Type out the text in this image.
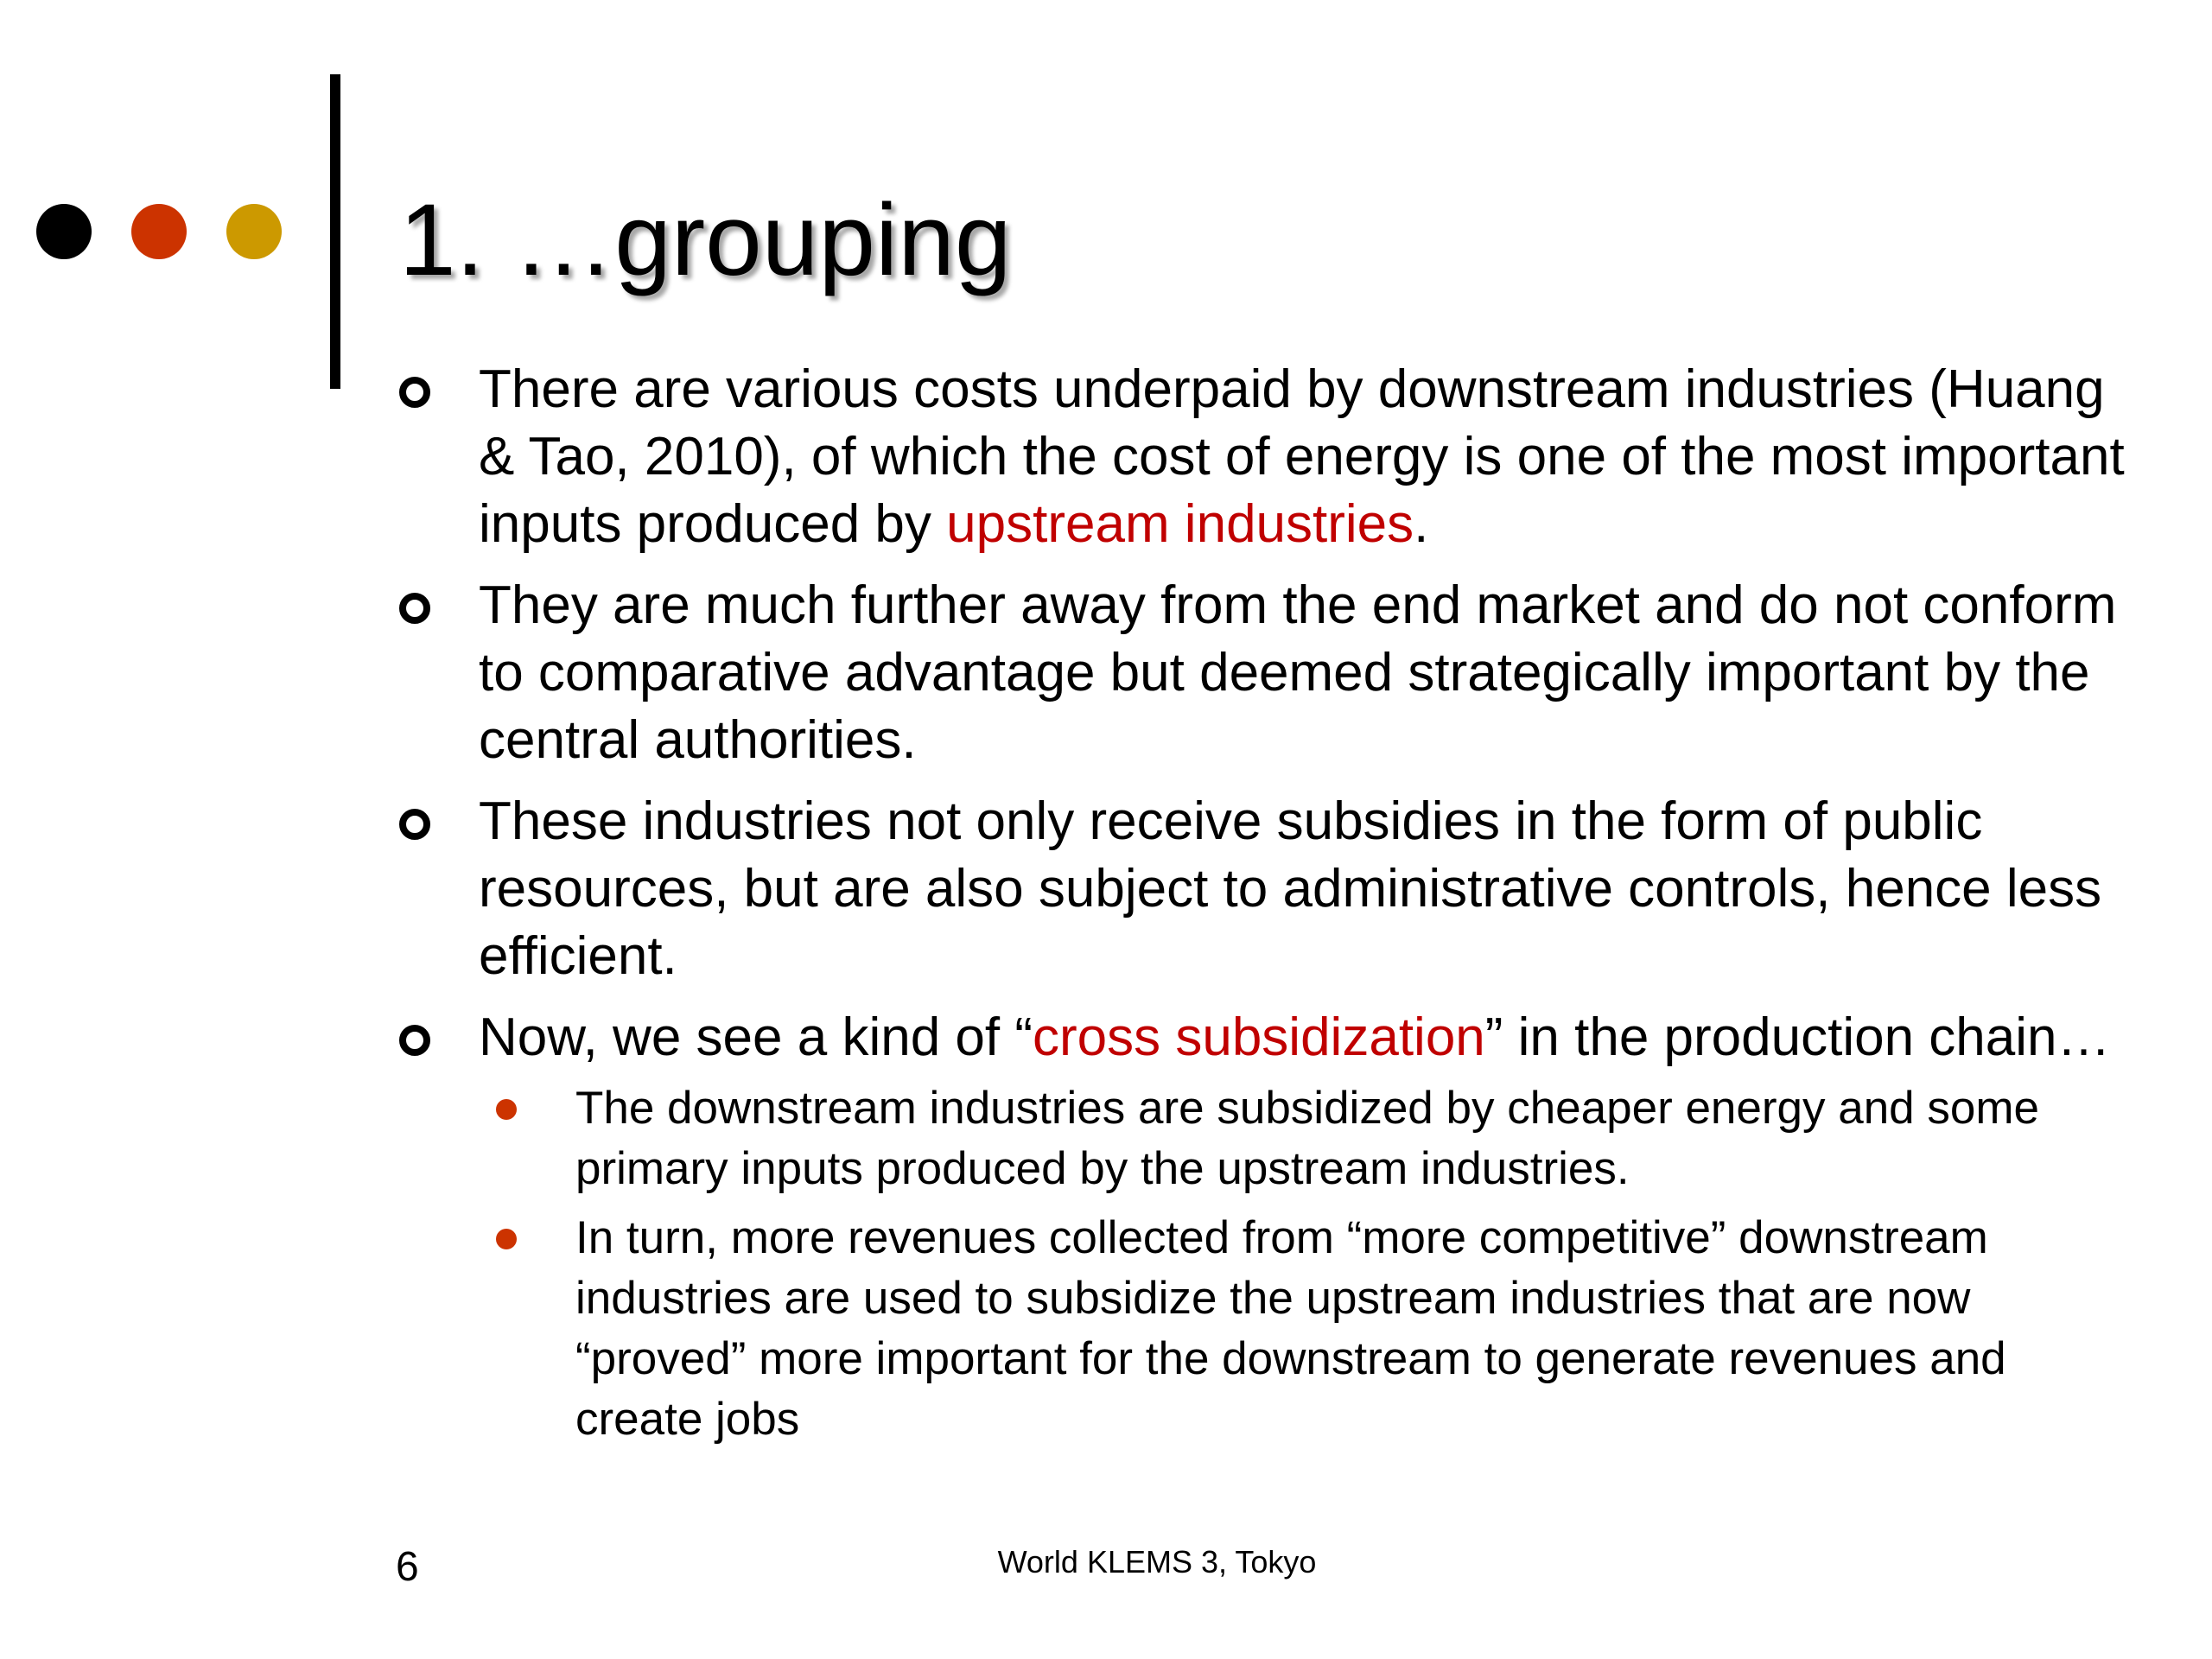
1. …grouping
There are various costs underpaid by downstream industries (Huang & Tao, 2010), of which the cost of energy is one of the most important inputs produced by upstream industries.
They are much further away from the end market and do not conform to comparative advantage but deemed strategically important by the central authorities.
These industries not only receive subsidies in the form of public resources, but are also subject to administrative controls, hence less efficient.
Now, we see a kind of “cross subsidization” in the production chain…
The downstream industries are subsidized by cheaper energy and some primary inputs produced by the upstream industries.
In turn, more revenues collected from “more competitive” downstream industries are used to subsidize the upstream industries that are now “proved” more important for the downstream to generate revenues and create jobs
6	World KLEMS 3, Tokyo
